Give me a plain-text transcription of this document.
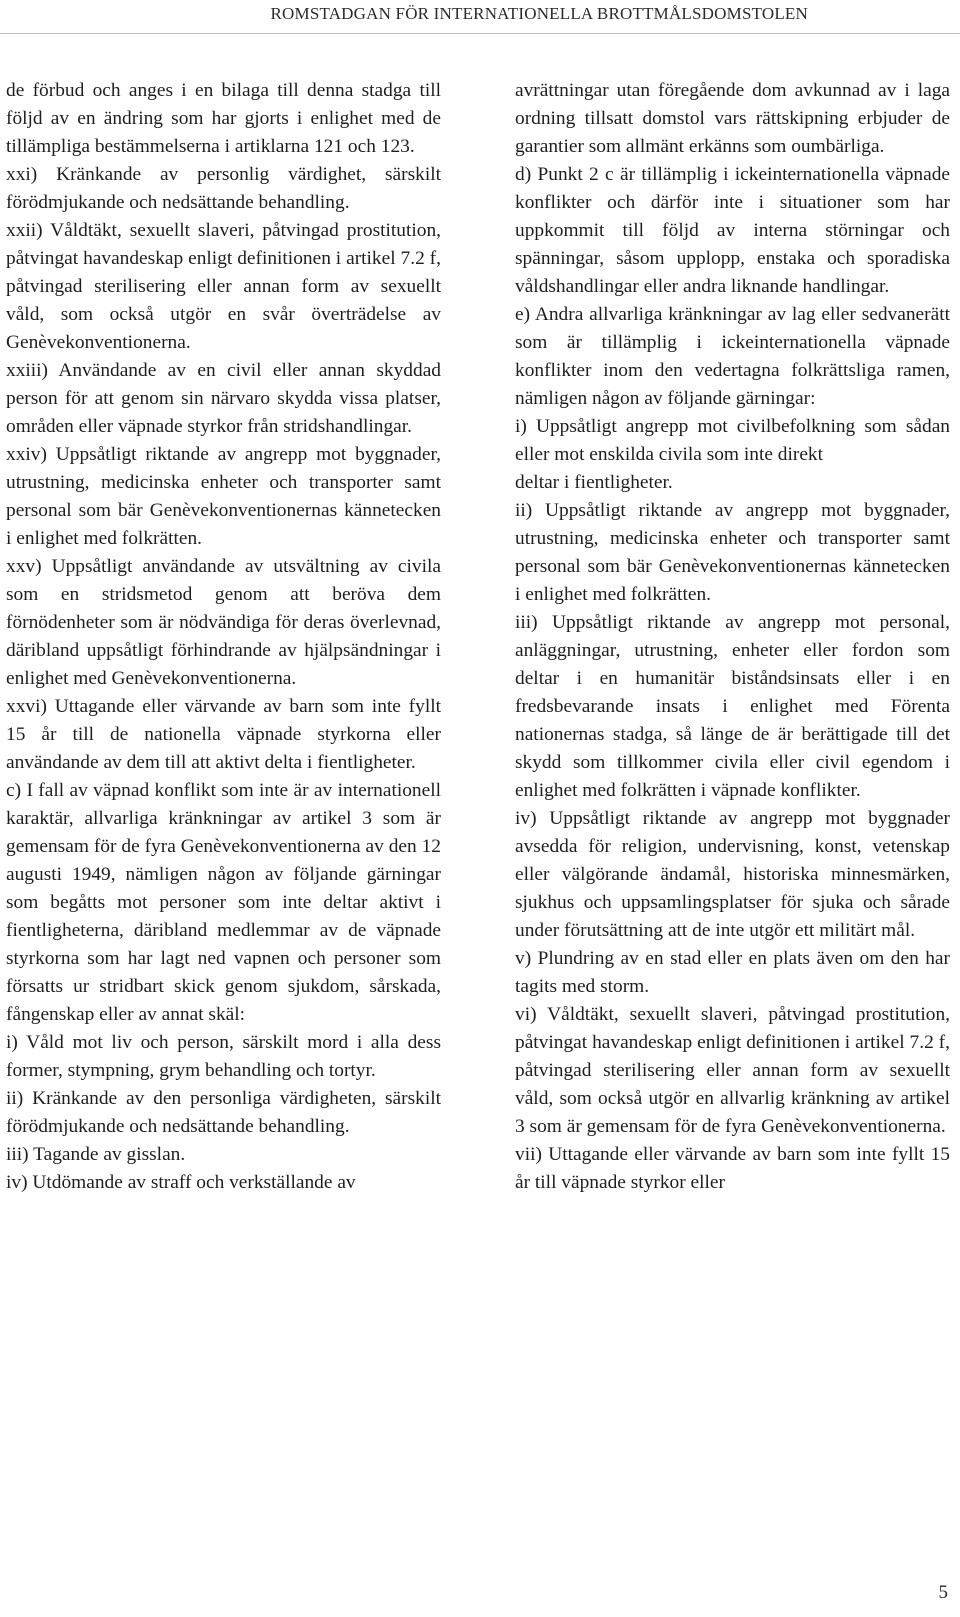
ROMSTADGAN FÖR INTERNATIONELLA BROTTMÅLSDOMSTOLEN

de förbud och anges i en bilaga till denna stadga till följd av en ändring som har gjorts i enlighet med de tillämpliga bestämmelserna i artiklarna 121 och 123.

xxi) Kränkande av personlig värdighet, särskilt förödmjukande och nedsättande behandling.

xxii) Våldtäkt, sexuellt slaveri, påtvingad prostitution, påtvingat havandeskap enligt definitionen i artikel 7.2 f, påtvingad sterilisering eller annan form av sexuellt våld, som också utgör en svår överträdelse av Genèvekonventionerna.

xxiii) Användande av en civil eller annan skyddad person för att genom sin närvaro skydda vissa platser, områden eller väpnade styrkor från stridshandlingar.

xxiv) Uppsåtligt riktande av angrepp mot byggnader, utrustning, medicinska enheter och transporter samt personal som bär Genèvekonventionernas kännetecken i enlighet med folkrätten.

xxv) Uppsåtligt användande av utsvältning av civila som en stridsmetod genom att beröva dem förnödenheter som är nödvändiga för deras överlevnad, däribland uppsåtligt förhindrande av hjälpsändningar i enlighet med Genèvekonventionerna.

xxvi) Uttagande eller värvande av barn som inte fyllt 15 år till de nationella väpnade styrkorna eller användande av dem till att aktivt delta i fientligheter.

c) I fall av väpnad konflikt som inte är av internationell karaktär, allvarliga kränkningar av artikel 3 som är gemensam för de fyra Genèvekonventionerna av den 12 augusti 1949, nämligen någon av följande gärningar som begåtts mot personer som inte deltar aktivt i fientligheterna, däribland medlemmar av de väpnade styrkorna som har lagt ned vapnen och personer som försatts ur stridbart skick genom sjukdom, sårskada, fångenskap eller av annat skäl:

i) Våld mot liv och person, särskilt mord i alla dess former, stympning, grym behandling och tortyr.

ii) Kränkande av den personliga värdigheten, särskilt förödmjukande och nedsättande behandling.

iii) Tagande av gisslan.

iv) Utdömande av straff och verkställande av

avrättningar utan föregående dom avkunnad av i laga ordning tillsatt domstol vars rättskipning erbjuder de garantier som allmänt erkänns som oumbärliga.

d) Punkt 2 c är tillämplig i ickeinternationella väpnade konflikter och därför inte i situationer som har uppkommit till följd av interna störningar och spänningar, såsom upplopp, enstaka och sporadiska våldshandlingar eller andra liknande handlingar.

e) Andra allvarliga kränkningar av lag eller sedvanerätt som är tillämplig i ickeinternationella väpnade konflikter inom den vedertagna folkrättsliga ramen, nämligen någon av följande gärningar:

i) Uppsåtligt angrepp mot civilbefolkning som sådan eller mot enskilda civila som inte direkt

deltar i fientligheter.

ii) Uppsåtligt riktande av angrepp mot byggnader, utrustning, medicinska enheter och transporter samt personal som bär Genèvekonventionernas kännetecken i enlighet med folkrätten.

iii) Uppsåtligt riktande av angrepp mot personal, anläggningar, utrustning, enheter eller fordon som deltar i en humanitär biståndsinsats eller i en fredsbevarande insats i enlighet med Förenta nationernas stadga, så länge de är berättigade till det skydd som tillkommer civila eller civil egendom i enlighet med folkrätten i väpnade konflikter.

iv) Uppsåtligt riktande av angrepp mot byggnader avsedda för religion, undervisning, konst, vetenskap eller välgörande ändamål, historiska minnesmärken, sjukhus och uppsamlingsplatser för sjuka och sårade under förutsättning att de inte utgör ett militärt mål.

v) Plundring av en stad eller en plats även om den har tagits med storm.

vi) Våldtäkt, sexuellt slaveri, påtvingad prostitution, påtvingat havandeskap enligt definitionen i artikel 7.2 f, påtvingad sterilisering eller annan form av sexuellt våld, som också utgör en allvarlig kränkning av artikel 3 som är gemensam för de fyra Genèvekonventionerna.

vii) Uttagande eller värvande av barn som inte fyllt 15 år till väpnade styrkor eller

5
